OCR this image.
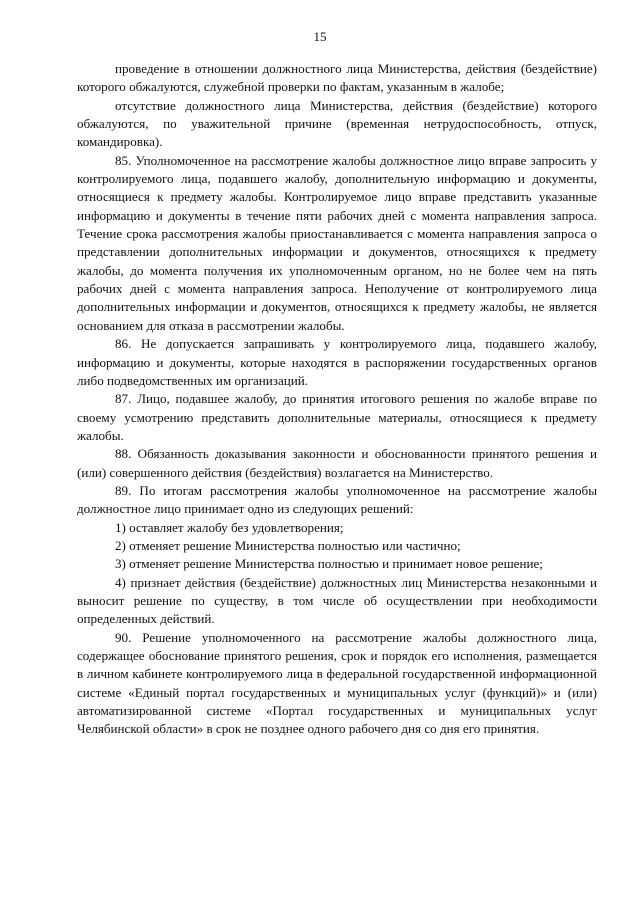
15

проведение в отношении должностного лица Министерства, действия (бездействие) которого обжалуются, служебной проверки по фактам, указанным в жалобе;

отсутствие должностного лица Министерства, действия (бездействие) которого обжалуются, по уважительной причине (временная нетрудоспособность, отпуск, командировка).

85. Уполномоченное на рассмотрение жалобы должностное лицо вправе запросить у контролируемого лица, подавшего жалобу, дополнительную информацию и документы, относящиеся к предмету жалобы. Контролируемое лицо вправе представить указанные информацию и документы в течение пяти рабочих дней с момента направления запроса. Течение срока рассмотрения жалобы приостанавливается с момента направления запроса о представлении дополнительных информации и документов, относящихся к предмету жалобы, до момента получения их уполномоченным органом, но не более чем на пять рабочих дней с момента направления запроса. Неполучение от контролируемого лица дополнительных информации и документов, относящихся к предмету жалобы, не является основанием для отказа в рассмотрении жалобы.

86. Не допускается запрашивать у контролируемого лица, подавшего жалобу, информацию и документы, которые находятся в распоряжении государственных органов либо подведомственных им организаций.

87. Лицо, подавшее жалобу, до принятия итогового решения по жалобе вправе по своему усмотрению представить дополнительные материалы, относящиеся к предмету жалобы.

88. Обязанность доказывания законности и обоснованности принятого решения и (или) совершенного действия (бездействия) возлагается на Министерство.

89. По итогам рассмотрения жалобы уполномоченное на рассмотрение жалобы должностное лицо принимает одно из следующих решений:

1) оставляет жалобу без удовлетворения;

2) отменяет решение Министерства полностью или частично;

3) отменяет решение Министерства полностью и принимает новое решение;

4) признает действия (бездействие) должностных лиц Министерства незаконными и выносит решение по существу, в том числе об осуществлении при необходимости определенных действий.

90. Решение уполномоченного на рассмотрение жалобы должностного лица, содержащее обоснование принятого решения, срок и порядок его исполнения, размещается в личном кабинете контролируемого лица в федеральной государственной информационной системе «Единый портал государственных и муниципальных услуг (функций)» и (или) автоматизированной системе «Портал государственных и муниципальных услуг Челябинской области» в срок не позднее одного рабочего дня со дня его принятия.
